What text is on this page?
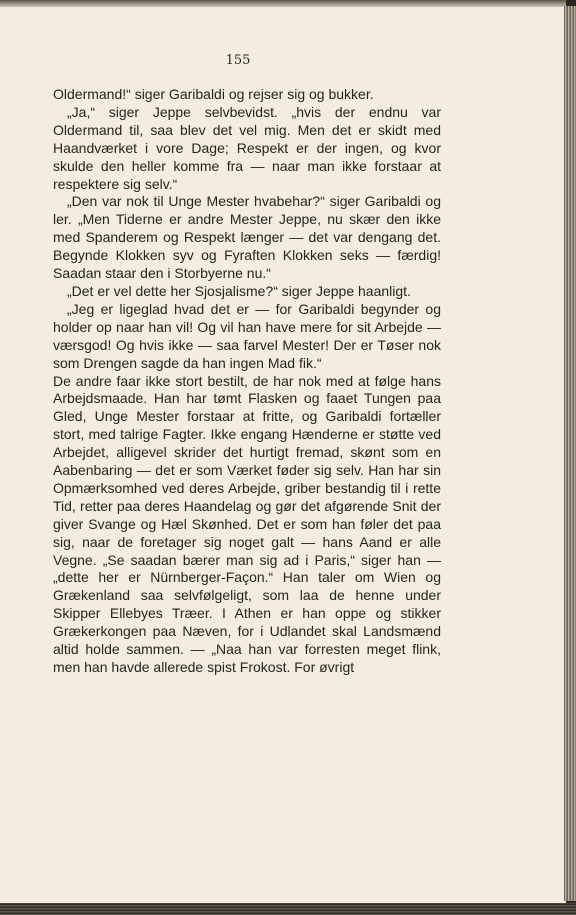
155

Oldermand!“ siger Garibaldi og rejser sig og bukker.

„Ja,“ siger Jeppe selvbevidst. „hvis der endnu var Oldermand til, saa blev det vel mig. Men det er skidt med Haandværket i vore Dage; Respekt er der ingen, og kvor skulde den heller komme fra — naar man ikke forstaar at respektere sig selv.“

„Den var nok til Unge Mester hvabehar?“ siger Garibaldi og ler. „Men Tiderne er andre Mester Jeppe, nu skær den ikke med Spanderem og Respekt længer — det var dengang det. Begynde Klokken syv og Fyraften Klokken seks — færdig! Saadan staar den i Storbyerne nu.“

„Det er vel dette her Sjosjalisme?“ siger Jeppe haanligt.

„Jeg er ligeglad hvad det er — for Garibaldi begynder og holder op naar han vil! Og vil han have mere for sit Arbejde — værsgod! Og hvis ikke — saa farvel Mester! Der er Tøser nok som Drengen sagde da han ingen Mad fik.“

De andre faar ikke stort bestilt, de har nok med at følge hans Arbejdsmaade. Han har tømt Flasken og faaet Tungen paa Gled, Unge Mester forstaar at fritte, og Garibaldi fortæller stort, med talrige Fagter. Ikke engang Hænderne er støtte ved Arbejdet, alligevel skrider det hurtigt fremad, skønt som en Aabenbaring — det er som Værket føder sig selv. Han har sin Opmærksomhed ved deres Arbejde, griber bestandig til i rette Tid, retter paa deres Haandelag og gør det afgørende Snit der giver Svange og Hæl Skønhed. Det er som han føler det paa sig, naar de foretager sig noget galt — hans Aand er alle Vegne. „Se saadan bærer man sig ad i Paris,“ siger han — „dette her er Nürnberger-Façon.“ Han taler om Wien og Grækenland saa selvfølgeligt, som laa de henne under Skipper Ellebyes Træer. I Athen er han oppe og stikker Grækerkongen paa Næven, for i Udlandet skal Landsmænd altid holde sammen. — „Naa han var forresten meget flink, men han havde allerede spist Frokost. For øvrigt
